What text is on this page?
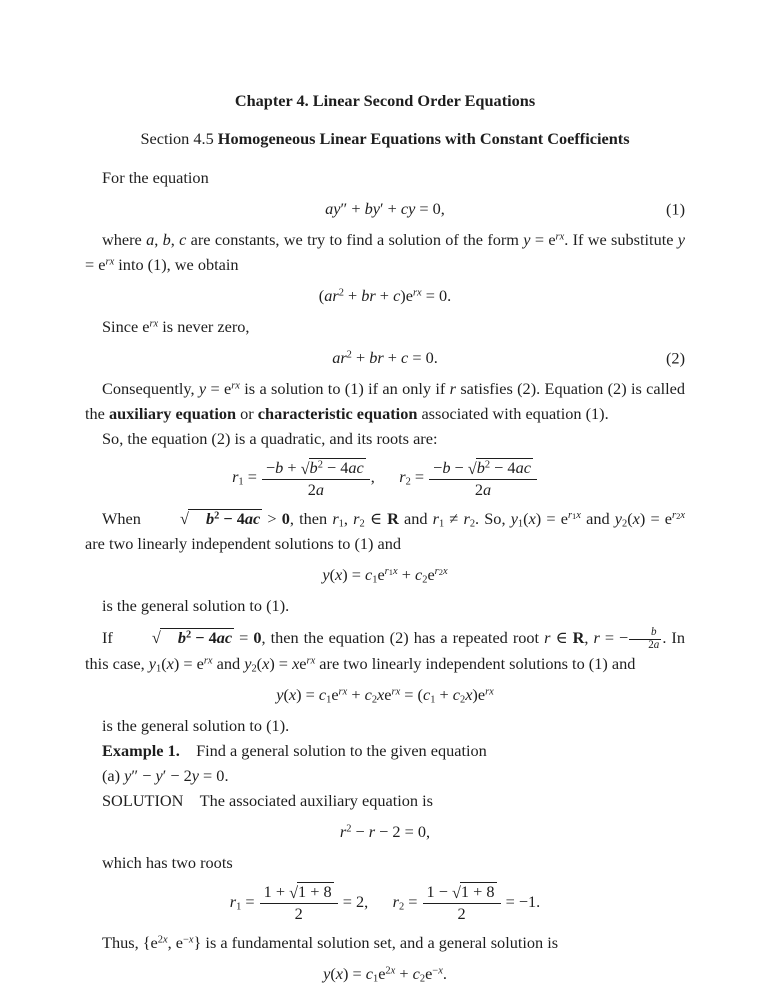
Chapter 4. Linear Second Order Equations
Section 4.5 Homogeneous Linear Equations with Constant Coefficients

For the equation

ay″ + by′ + cy = 0,	(1)

where a, b, c are constants, we try to find a solution of the form $y = e^{rx}$. If we substitute $y = e^{rx}$ into (1), we obtain

($ar^2$ + br + $c)e^{rx} = 0$.

Since $e^{rx}$ is never zero,

$ar^2$ + br + c = 0.	(2)

Consequently, $y = e^{rx}$ is a solution to (1) if an only if r satisfies (2). Equation (2) is called the auxiliary equation or characteristic equation associated with equation (1).

So, the equation (2) is a quadratic, and its roots are:

$r_1 = \frac{-b + √b^2 - 4ac}{2a}$ ,  $r_2 = \frac{-b - √b^2 - 4ac}{2a}$

When √ $b^2 - 4ac > 0$, then $r_1$, $r_2$ ∈ R and $r_1 \ne r_2$. So, $y_1(x) = e^{r_1x}$ and $y_2(x) = e^{r_2x}$ are two linearly independent solutions to (1) and

$y(x) = c_1e^{r_1x} + c_2e^{r_2x}$

is the general solution to (1).

If √ $b^2 - 4ac = 0$, then the equation (2) has a repeated root r ∈ R, r = − $\frac{b}{2a}$ . In this case, $y_1(x) = e^{rx}$ and $y_2(x) = xe^{rx}$ are two linearly independent solutions to (1) and

$y(x) = c_1e^{rx} + c_2xe^{rx} = (c_1 + c_2x)e^{rx}$

is the general solution to (1).

Example 1. Find a general solution to the given equation

(a) y″ − y′ − 2y = 0.

SOLUTION The associated auxiliary equation is

$r^2 - r - 2 = 0$,

which has two roots

$r_1 = \frac{1 + √1 + 8}{2} = 2$,  $r_2 = \frac{1 - √1 + 8}{2} = -1$.

Thus, {$e^{2x}$, $e^{-x}$} is a fundamental solution set, and a general solution is

$y(x) = c_1e^{2x} + c_2e^{-x}$.
